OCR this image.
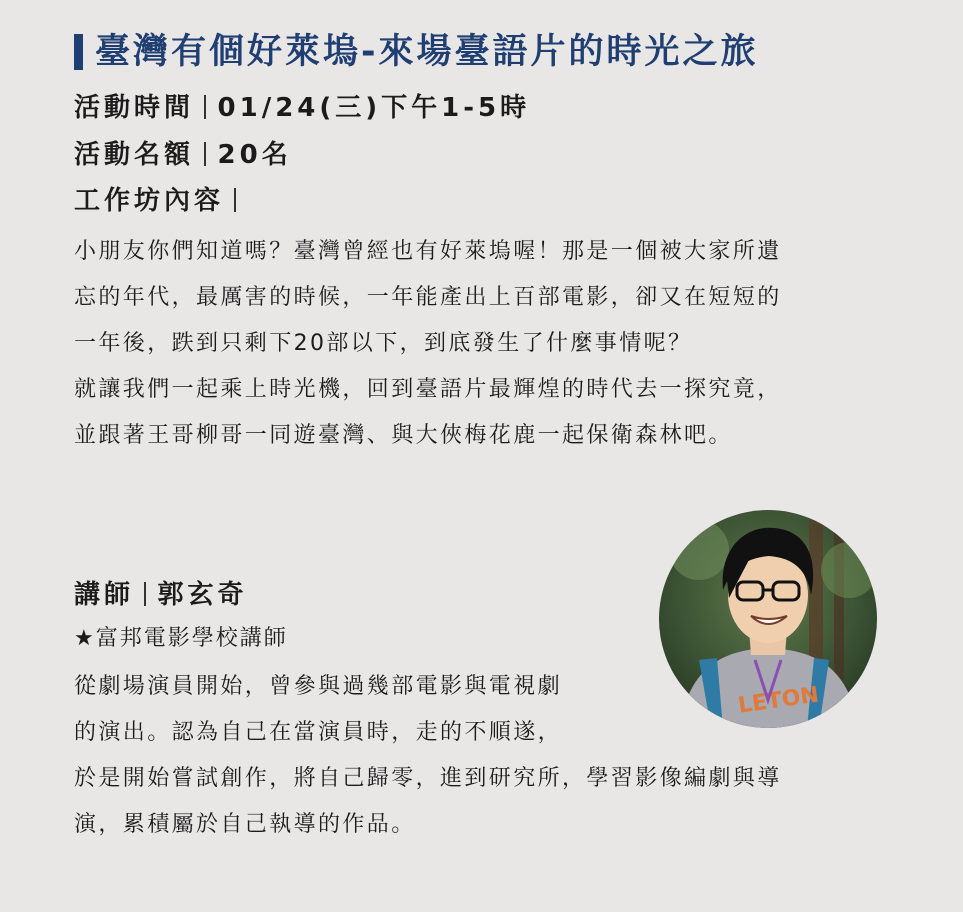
臺灣有個好萊塢-來場臺語片的時光之旅
活動時間 01/24(三)下午1-5時
活動名額 20名
工作坊內容

小朋友你們知道嗎？臺灣曾經也有好萊塢喔！那是一個被大家所遺

忘的年代，最厲害的時候，一年能產出上百部電影，卻又在短短的

一年後，跌到只剩下20部以下，到底發生了什麼事情呢？

就讓我們一起乘上時光機，回到臺語片最輝煌的時代去一探究竟，

並跟著王哥柳哥一同遊臺灣、與大俠梅花鹿一起保衛森林吧。

講師 郭玄奇
★富邦電影學校講師

從劇場演員開始，曾參與過幾部電影與電視劇

的演出。認為自己在當演員時，走的不順遂，

於是開始嘗試創作，將自己歸零，進到研究所，學習影像編劇與導

演，累積屬於自己執導的作品。

LETON
